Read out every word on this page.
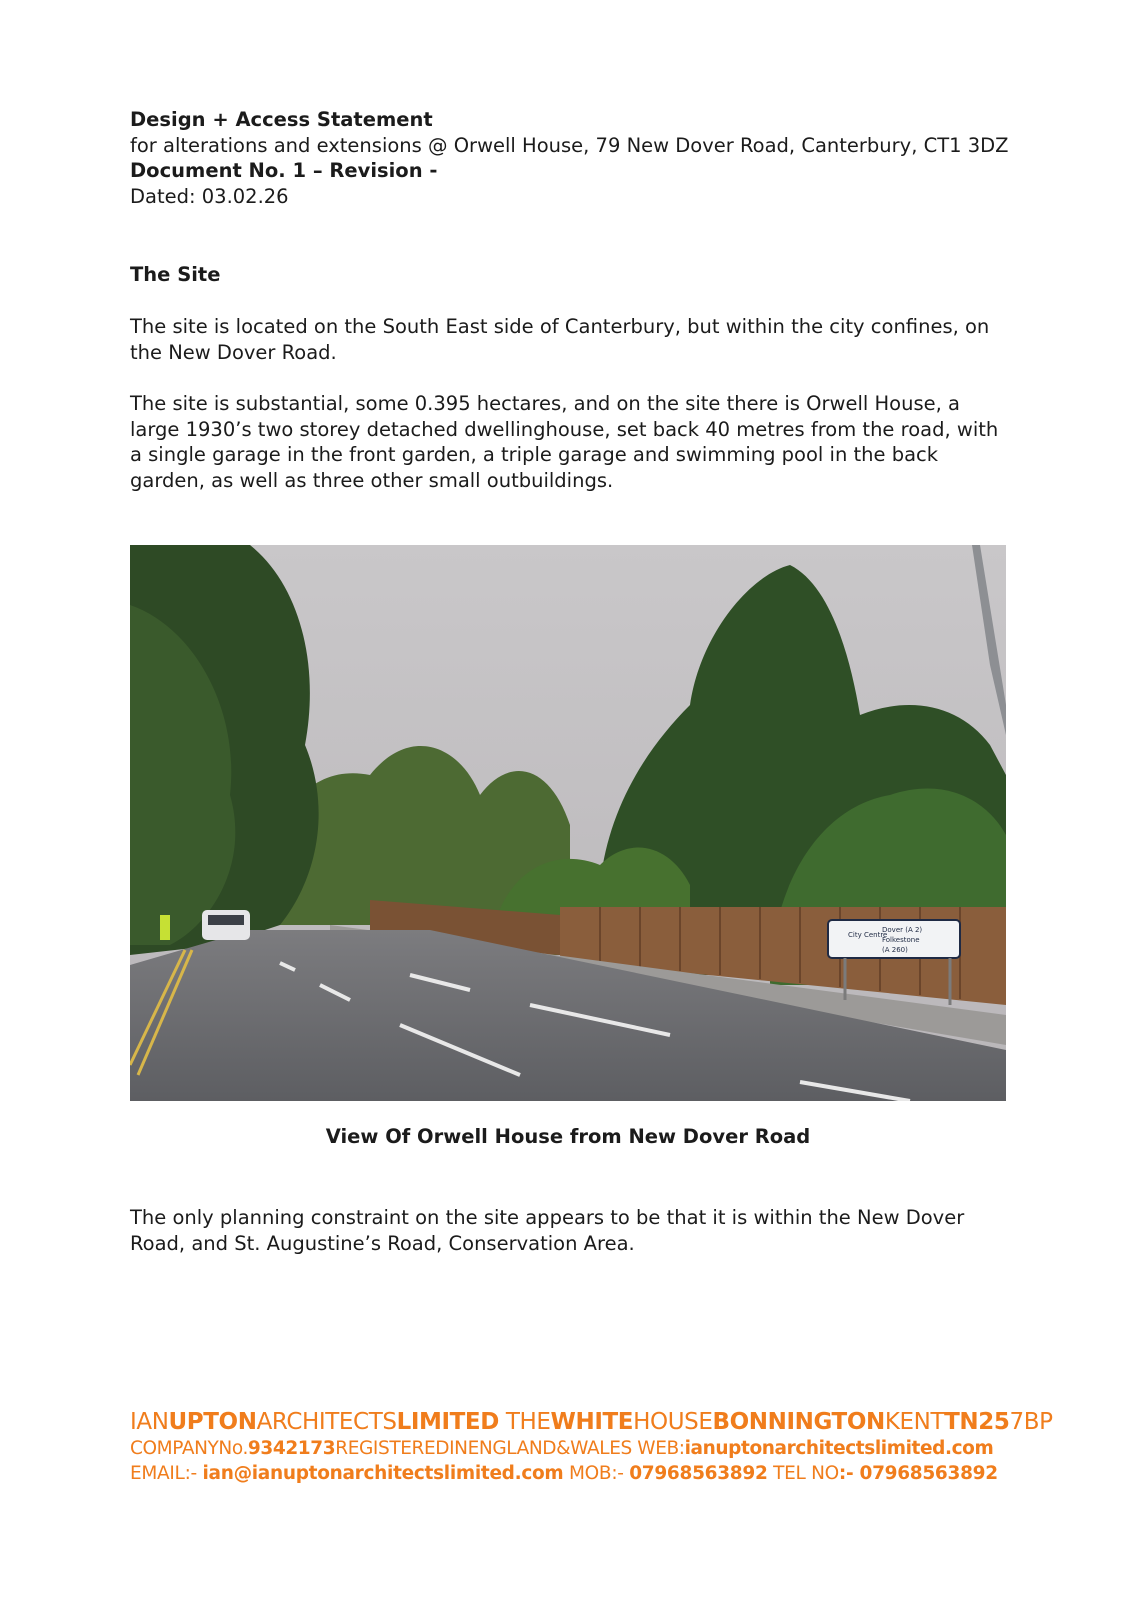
Design + Access Statement
for alterations and extensions @ Orwell House, 79 New Dover Road, Canterbury, CT1 3DZ
Document No. 1 – Revision -
Dated: 03.02.26
The Site

The site is located on the South East side of Canterbury, but within the city confines, on the New Dover Road.

The site is substantial, some 0.395 hectares, and on the site there is Orwell House, a large 1930’s two storey detached dwellinghouse, set back 40 metres from the road, with a single garage in the front garden, a triple garage and swimming pool in the back garden, as well as three other small outbuildings.

City Centre
Dover (A 2)
Folkestone
(A 260)
View Of Orwell House from New Dover Road

The only planning constraint on the site appears to be that it is within the New Dover Road, and St. Augustine’s Road, Conservation Area.

IANUPTONARCHITECTSLIMITED THEWHITEHOUSEBONNINGTONKENTTN257BP
COMPANYNo.9342173REGISTEREDINENGLAND&WALES WEB:ianuptonarchitectslimited.com
EMAIL:- ian@ianuptonarchitectslimited.com MOB:- 07968563892 TEL NO:- 07968563892
